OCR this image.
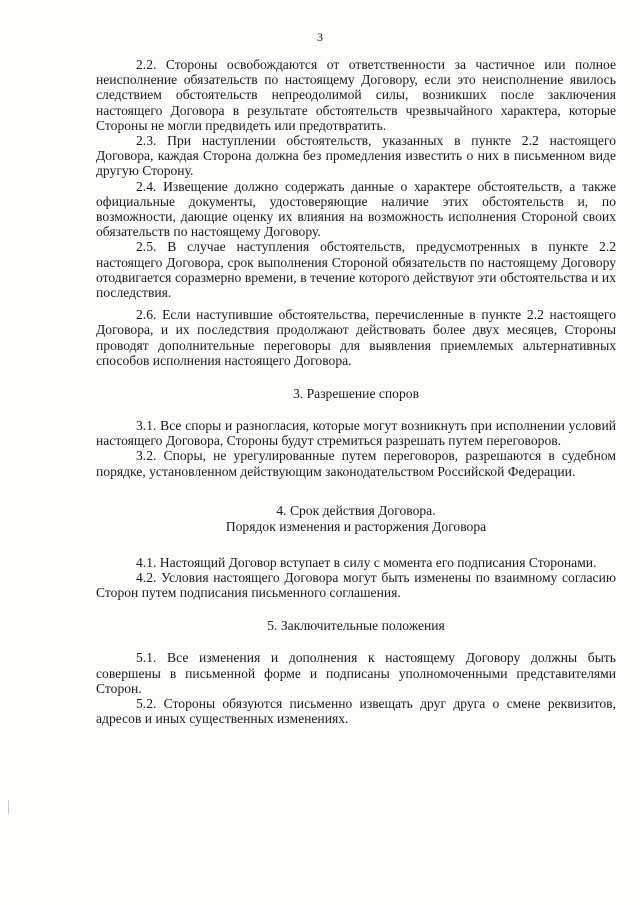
3

2.2. Стороны освобождаются от ответственности за частичное или полное неисполнение обязательств по настоящему Договору, если это неисполнение явилось следствием обстоятельств непреодолимой силы, возникших после заключения настоящего Договора в результате обстоятельств чрезвычайного характера, которые Стороны не могли предвидеть или предотвратить.

2.3. При наступлении обстоятельств, указанных в пункте 2.2 настоящего Договора, каждая Сторона должна без промедления известить о них в письменном виде другую Сторону.

2.4. Извещение должно содержать данные о характере обстоятельств, а также официальные документы, удостоверяющие наличие этих обстоятельств и, по возможности, дающие оценку их влияния на возможность исполнения Стороной своих обязательств по настоящему Договору.

2.5. В случае наступления обстоятельств, предусмотренных в пункте 2.2 настоящего Договора, срок выполнения Стороной обязательств по настоящему Договору отодвигается соразмерно времени, в течение которого действуют эти обстоятельства и их последствия.

2.6. Если наступившие обстоятельства, перечисленные в пункте 2.2 настоящего Договора, и их последствия продолжают действовать более двух месяцев, Стороны проводят дополнительные переговоры для выявления приемлемых альтернативных способов исполнения настоящего Договора.

3. Разрешение споров

3.1. Все споры и разногласия, которые могут возникнуть при исполнении условий настоящего Договора, Стороны будут стремиться разрешать путем переговоров.

3.2. Споры, не урегулированные путем переговоров, разрешаются в судебном порядке, установленном действующим законодательством Российской Федерации.

4. Срок действия Договора.

Порядок изменения и расторжения Договора

4.1. Настоящий Договор вступает в силу с момента его подписания Сторонами.

4.2. Условия настоящего Договора могут быть изменены по взаимному согласию Сторон путем подписания письменного соглашения.

5. Заключительные положения

5.1. Все изменения и дополнения к настоящему Договору должны быть совершены в письменной форме и подписаны уполномоченными представителями Сторон.

5.2. Стороны обязуются письменно извещать друг друга о смене реквизитов, адресов и иных существенных изменениях.
